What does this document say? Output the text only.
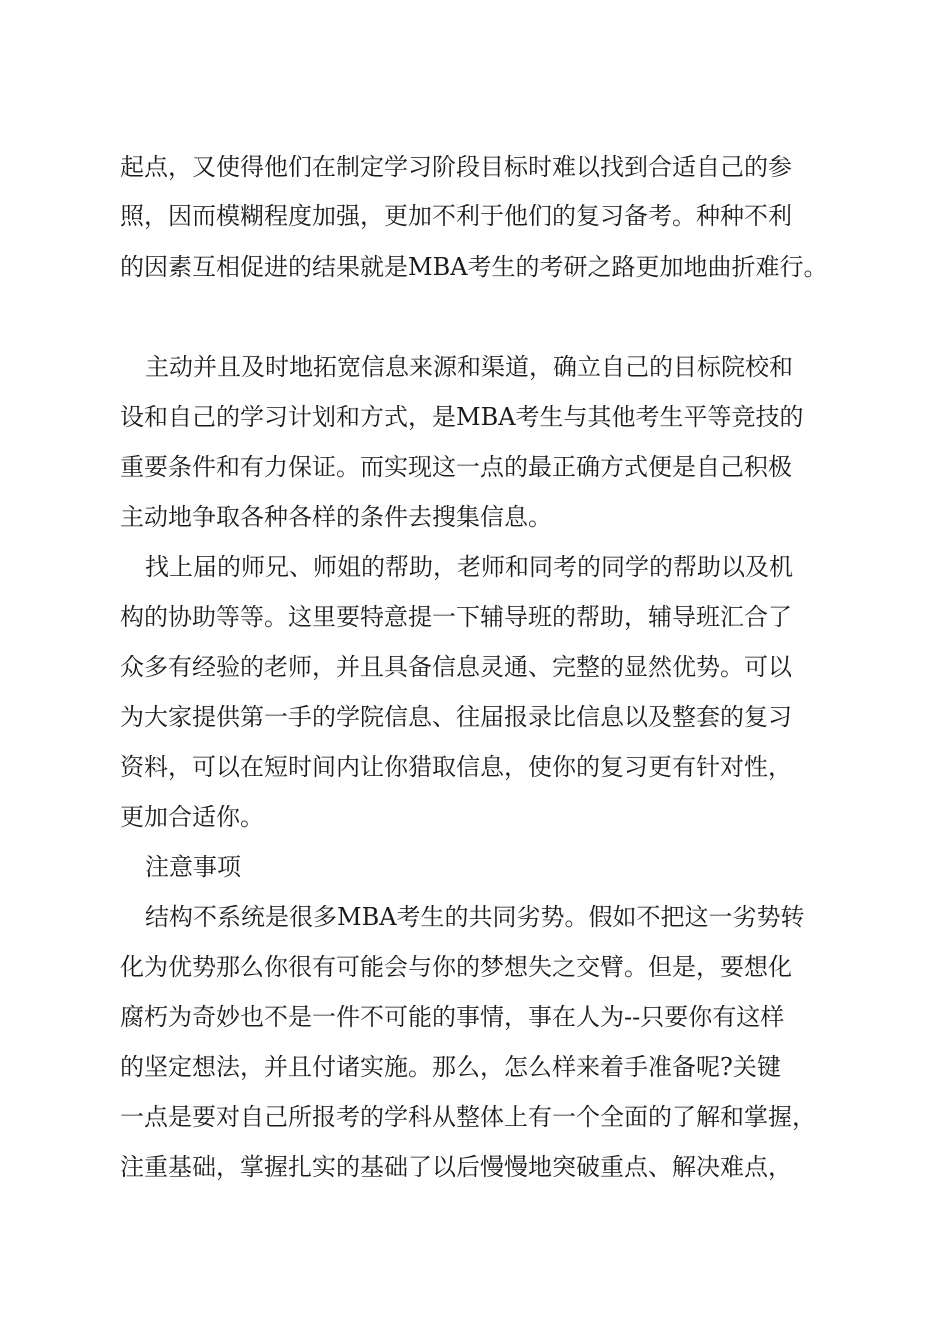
起点，又使得他们在制定学习阶段目标时难以找到合适自己的参
照，因而模糊程度加强，更加不利于他们的复习备考。种种不利
的因素互相促进的结果就是MBA考生的考研之路更加地曲折难行。
主动并且及时地拓宽信息来源和渠道，确立自己的目标院校和
设和自己的学习计划和方式，是MBA考生与其他考生平等竞技的
重要条件和有力保证。而实现这一点的最正确方式便是自己积极
主动地争取各种各样的条件去搜集信息。
找上届的师兄、师姐的帮助，老师和同考的同学的帮助以及机
构的协助等等。这里要特意提一下辅导班的帮助，辅导班汇合了
众多有经验的老师，并且具备信息灵通、完整的显然优势。可以
为大家提供第一手的学院信息、往届报录比信息以及整套的复习
资料，可以在短时间内让你猎取信息，使你的复习更有针对性，
更加合适你。
注意事项
结构不系统是很多MBA考生的共同劣势。假如不把这一劣势转
化为优势那么你很有可能会与你的梦想失之交臂。但是，要想化
腐朽为奇妙也不是一件不可能的事情，事在人为--只要你有这样
的坚定想法，并且付诸实施。那么，怎么样来着手准备呢?关键
一点是要对自己所报考的学科从整体上有一个全面的了解和掌握，
注重基础，掌握扎实的基础了以后慢慢地突破重点、解决难点，
